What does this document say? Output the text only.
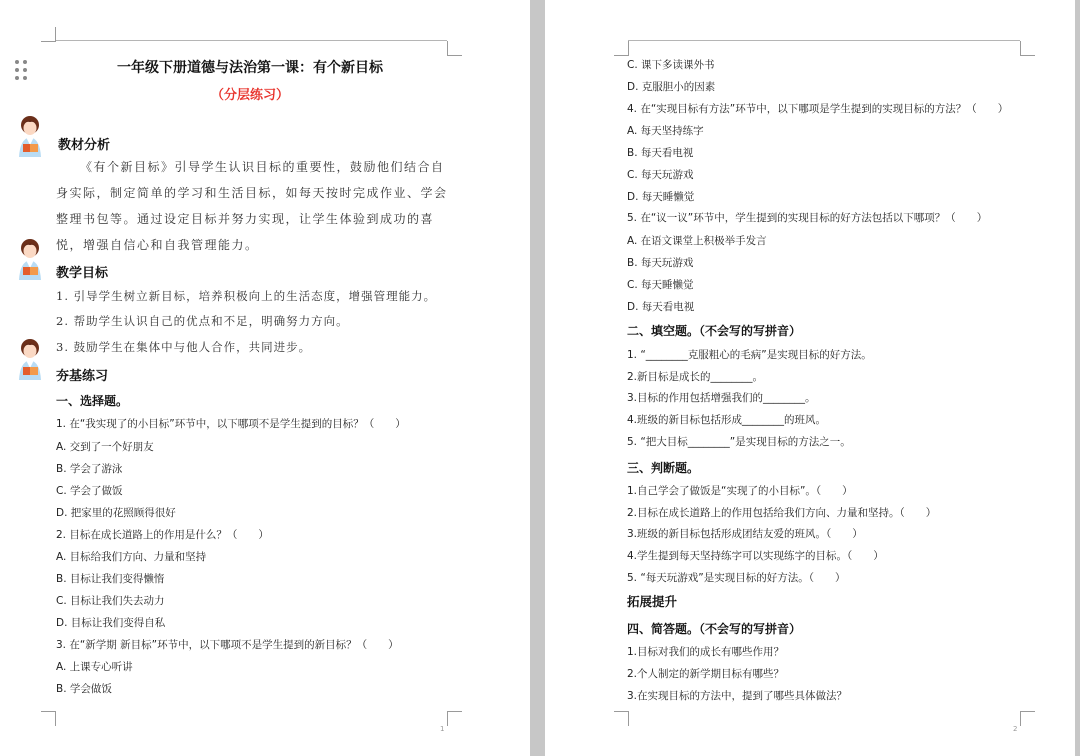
一年级下册道德与法治第一课：有个新目标
（分层练习）
教材分析
《有个新目标》引导学生认识目标的重要性，鼓励他们结合自身实际，制定简单的学习和生活目标，如每天按时完成作业、学会整理书包等。通过设定目标并努力实现，让学生体验到成功的喜悦，增强自信心和自我管理能力。
教学目标
1. 引导学生树立新目标，培养积极向上的生活态度，增强管理能力。
2. 帮助学生认识自己的优点和不足，明确努力方向。
3. 鼓励学生在集体中与他人合作，共同进步。
夯基练习
一、选择题。
1. 在“我实现了的小目标”环节中，以下哪项不是学生提到的目标？（　　）
A. 交到了一个好朋友
B. 学会了游泳
C. 学会了做饭
D. 把家里的花照顾得很好
2. 目标在成长道路上的作用是什么？（　　）
A. 目标给我们方向、力量和坚持
B. 目标让我们变得懒惰
C. 目标让我们失去动力
D. 目标让我们变得自私
3. 在“新学期 新目标”环节中，以下哪项不是学生提到的新目标？（　　）
A. 上课专心听讲
B. 学会做饭
1
C. 课下多读课外书
D. 克服胆小的因素
4. 在“实现目标有方法”环节中，以下哪项是学生提到的实现目标的方法？（　　）
A. 每天坚持练字
B. 每天看电视
C. 每天玩游戏
D. 每天睡懒觉
5. 在“议一议”环节中，学生提到的实现目标的好方法包括以下哪项？（　　）
A. 在语文课堂上积极举手发言
B. 每天玩游戏
C. 每天睡懒觉
D. 每天看电视
二、填空题。（不会写的写拼音）
1. “________克服粗心的毛病”是实现目标的好方法。
2.新目标是成长的________。
3.目标的作用包括增强我们的________。
4.班级的新目标包括形成________的班风。
5. “把大目标________”是实现目标的方法之一。
三、判断题。
1.自己学会了做饭是“实现了的小目标”。（　　）
2.目标在成长道路上的作用包括给我们方向、力量和坚持。（　　）
3.班级的新目标包括形成团结友爱的班风。（　　）
4.学生提到每天坚持练字可以实现练字的目标。（　　）
5. “每天玩游戏”是实现目标的好方法。（　　）
拓展提升
四、简答题。（不会写的写拼音）
1.目标对我们的成长有哪些作用？
2.个人制定的新学期目标有哪些？
3.在实现目标的方法中，提到了哪些具体做法？
2
